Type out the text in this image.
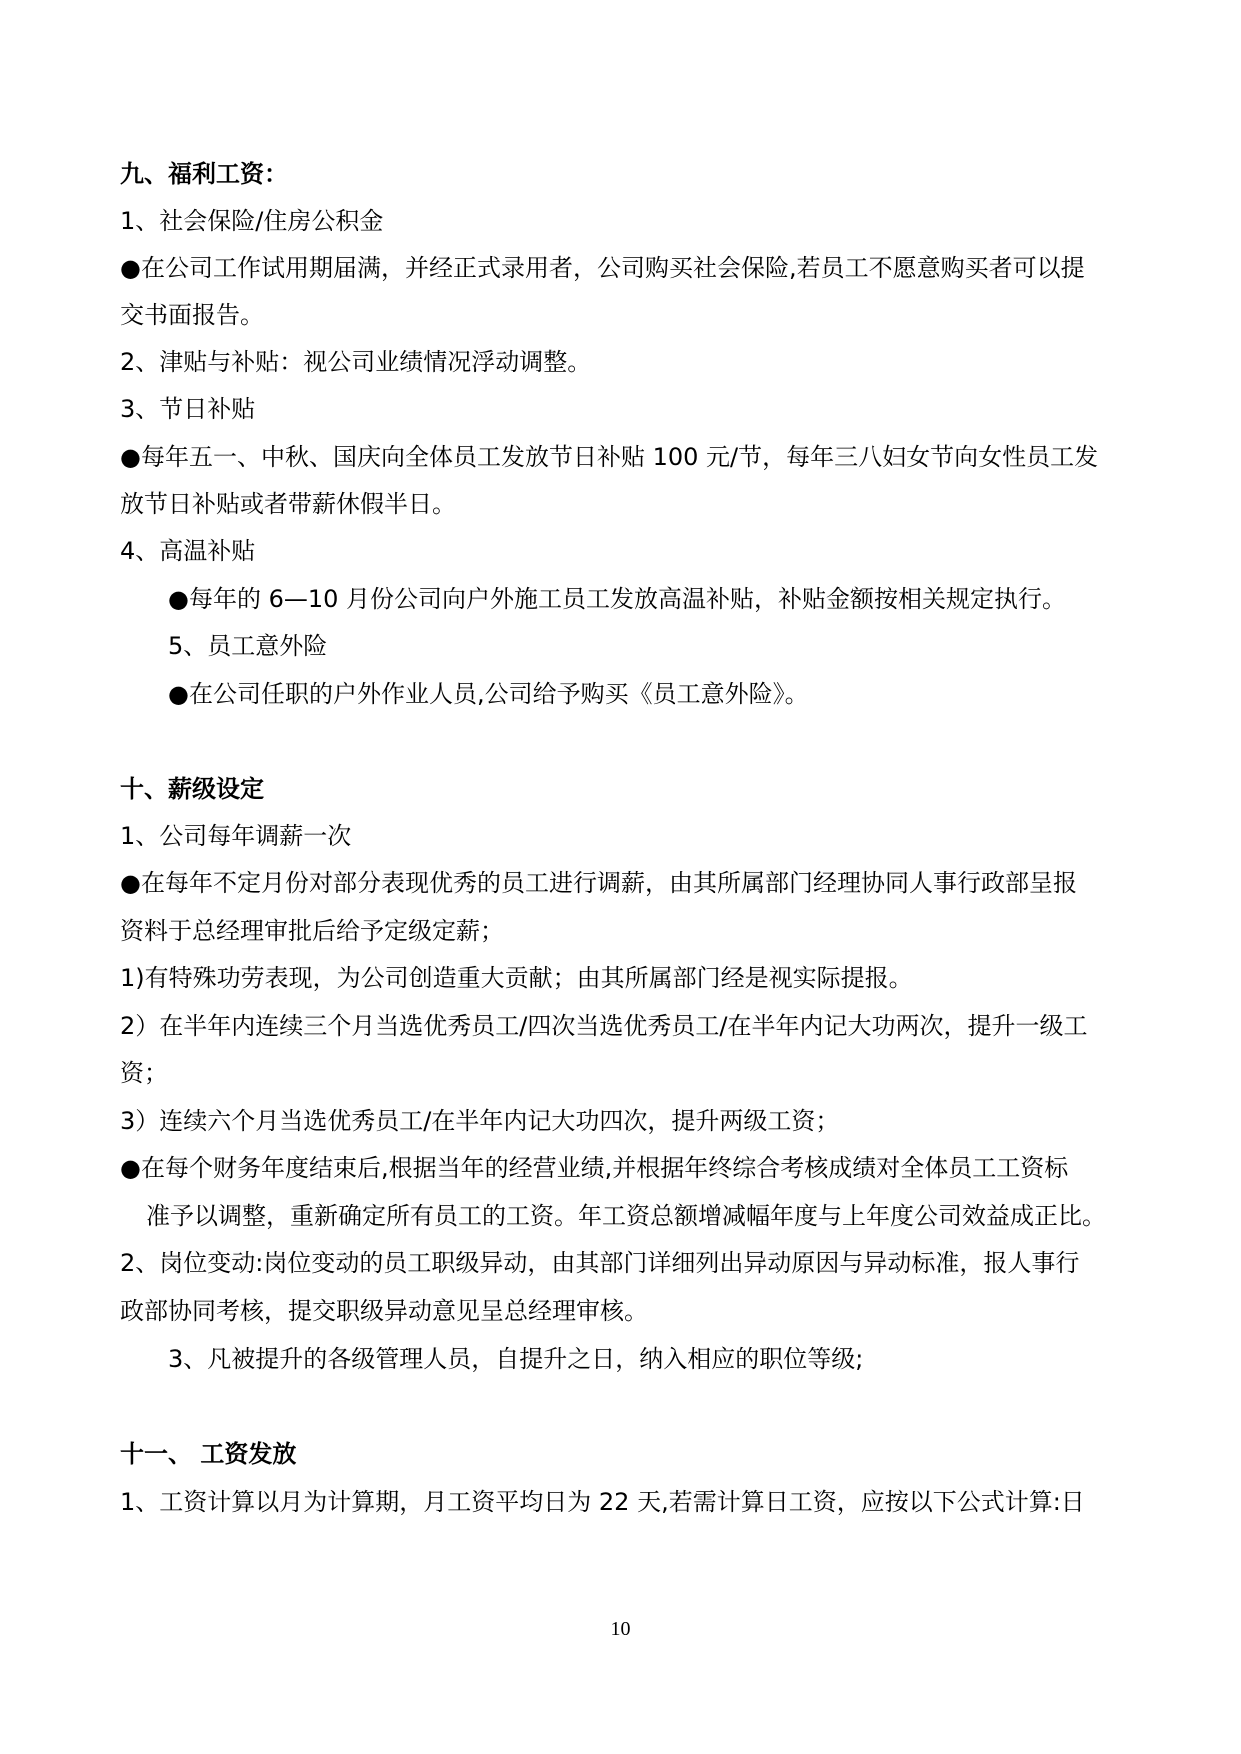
九、福利工资：
1、社会保险/住房公积金
●在公司工作试用期届满，并经正式录用者，公司购买社会保险,若员工不愿意购买者可以提
交书面报告。
2、津贴与补贴：视公司业绩情况浮动调整。
3、节日补贴
●每年五一、中秋、国庆向全体员工发放节日补贴 100 元/节，每年三八妇女节向女性员工发
放节日补贴或者带薪休假半日。
4、高温补贴
●每年的 6—10 月份公司向户外施工员工发放高温补贴，补贴金额按相关规定执行。
5、员工意外险
●在公司任职的户外作业人员,公司给予购买《员工意外险》。
十、薪级设定
1、公司每年调薪一次
●在每年不定月份对部分表现优秀的员工进行调薪，由其所属部门经理协同人事行政部呈报
资料于总经理审批后给予定级定薪；
1)有特殊功劳表现，为公司创造重大贡献；由其所属部门经是视实际提报。
2）在半年内连续三个月当选优秀员工/四次当选优秀员工/在半年内记大功两次，提升一级工
资；
3）连续六个月当选优秀员工/在半年内记大功四次，提升两级工资；
●在每个财务年度结束后,根据当年的经营业绩,并根据年终综合考核成绩对全体员工工资标
准予以调整，重新确定所有员工的工资。年工资总额增减幅年度与上年度公司效益成正比。
2、岗位变动:岗位变动的员工职级异动，由其部门详细列出异动原因与异动标准，报人事行
政部协同考核，提交职级异动意见呈总经理审核。
3、凡被提升的各级管理人员，自提升之日，纳入相应的职位等级;
十一、 工资发放
1、工资计算以月为计算期，月工资平均日为 22 天,若需计算日工资，应按以下公式计算:日
10
